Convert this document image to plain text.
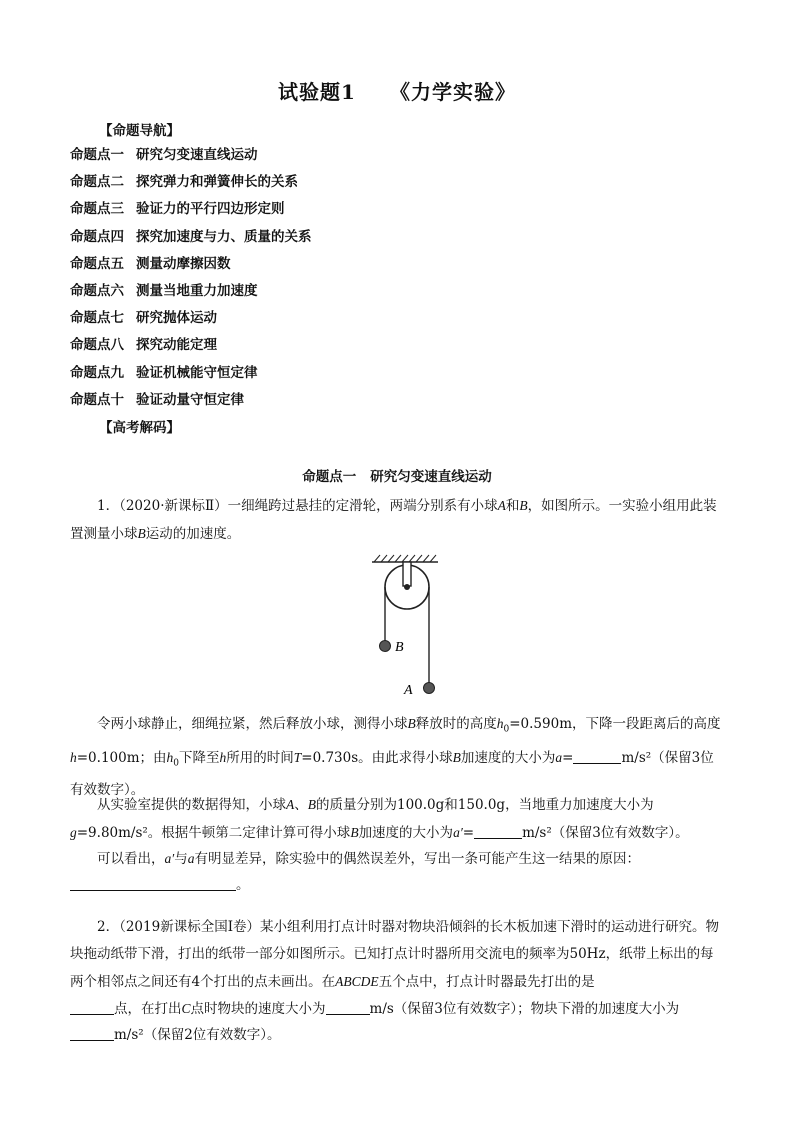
试验题1 《力学实验》
【命题导航】
命题点一 研究匀变速直线运动
命题点二 探究弹力和弹簧伸长的关系
命题点三 验证力的平行四边形定则
命题点四 探究加速度与力、质量的关系
命题点五 测量动摩擦因数
命题点六 测量当地重力加速度
命题点七 研究抛体运动
命题点八 探究动能定理
命题点九 验证机械能守恒定律
命题点十 验证动量守恒定律
【高考解码】
命题点一 研究匀变速直线运动
1．（2020·新课标Ⅱ）一细绳跨过悬挂的定滑轮，两端分别系有小球A和B，如图所示。一实验小组用此装置测量小球B运动的加速度。
B
A
令两小球静止，细绳拉紧，然后释放小球，测得小球B释放时的高度$h_0=0.590m$，下降一段距离后的高度h=0.100m；由$h_0$下降至h所用的时间T=0.730s。由此求得小球B加速度的大小为a=	m/s²（保留3位有效数字）。
从实验室提供的数据得知，小球A、B的质量分别为100.0g和150.0g，当地重力加速度大小为g=9.80m/s²。根据牛顿第二定律计算可得小球B加速度的大小为a′=	m/s²（保留3位有效数字）。
可以看出，a′与a有明显差异，除实验中的偶然误差外，写出一条可能产生这一结果的原因：
。
2．（2019新课标全国Ⅰ卷）某小组利用打点计时器对物块沿倾斜的长木板加速下滑时的运动进行研究。物块拖动纸带下滑，打出的纸带一部分如图所示。已知打点计时器所用交流电的频率为50Hz，纸带上标出的每两个相邻点之间还有4个打出的点未画出。在ABCDE五个点中，打点计时器最先打出的是
点，在打出C点时物块的速度大小为	m/s（保留3位有效数字）；物块下滑的加速度大小为
m/s²（保留2位有效数字）。
